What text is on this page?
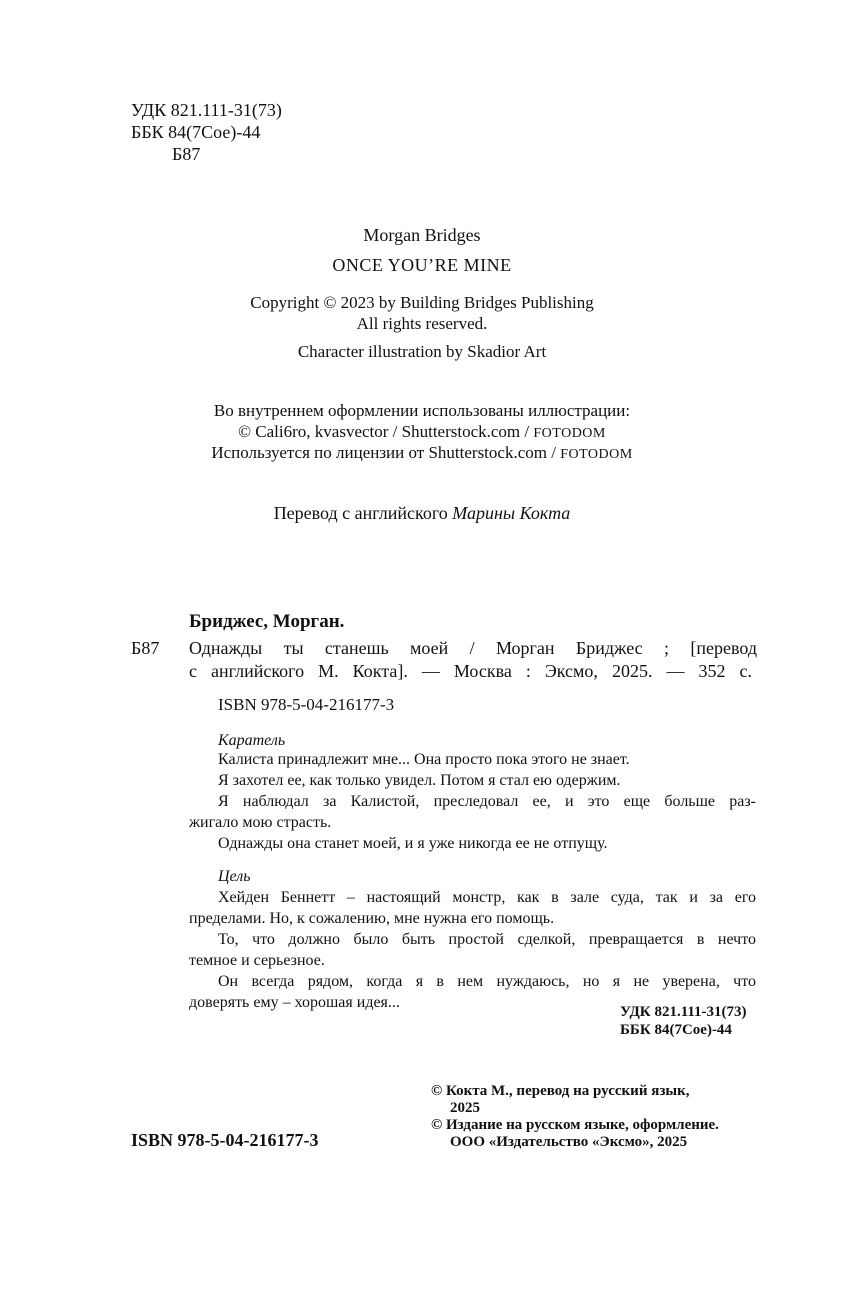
УДК 821.111-31(73)
ББК 84(7Сое)-44
Б87
Morgan Bridges
ONCE YOU’RE MINE
Copyright © 2023 by Building Bridges Publishing
All rights reserved.
Character illustration by Skadior Art
Во внутреннем оформлении использованы иллюстрации:
© Cali6ro, kvasvector / Shutterstock.com / FOTODOM
Используется по лицензии от Shutterstock.com / FOTODOM
Перевод с английского Марины Кокта
Бриджес, Морган.
Б87 Однажды ты станешь моей / Морган Бриджес ; [перевод
с английского М. Кокта]. — Москва : Эксмо, 2025. — 352 с.
ISBN 978-5-04-216177-3
Каратель
Калиста принадлежит мне... Она просто пока этого не знает.
Я захотел ее, как только увидел. Потом я стал ею одержим.
Я наблюдал за Калистой, преследовал ее, и это еще больше раз-
жигало мою страсть.
Однажды она станет моей, и я уже никогда ее не отпущу.
Цель
Хейден Беннетт – настоящий монстр, как в зале суда, так и за его
пределами. Но, к сожалению, мне нужна его помощь.
То, что должно было быть простой сделкой, превращается в нечто
темное и серьезное.
Он всегда рядом, когда я в нем нуждаюсь, но я не уверена, что
доверять ему – хорошая идея...
УДК 821.111-31(73)
ББК 84(7Сое)-44
© Кокта М., перевод на русский язык,
2025
© Издание на русском языке, оформление.
ООО «Издательство «Эксмо», 2025
ISBN 978-5-04-216177-3
